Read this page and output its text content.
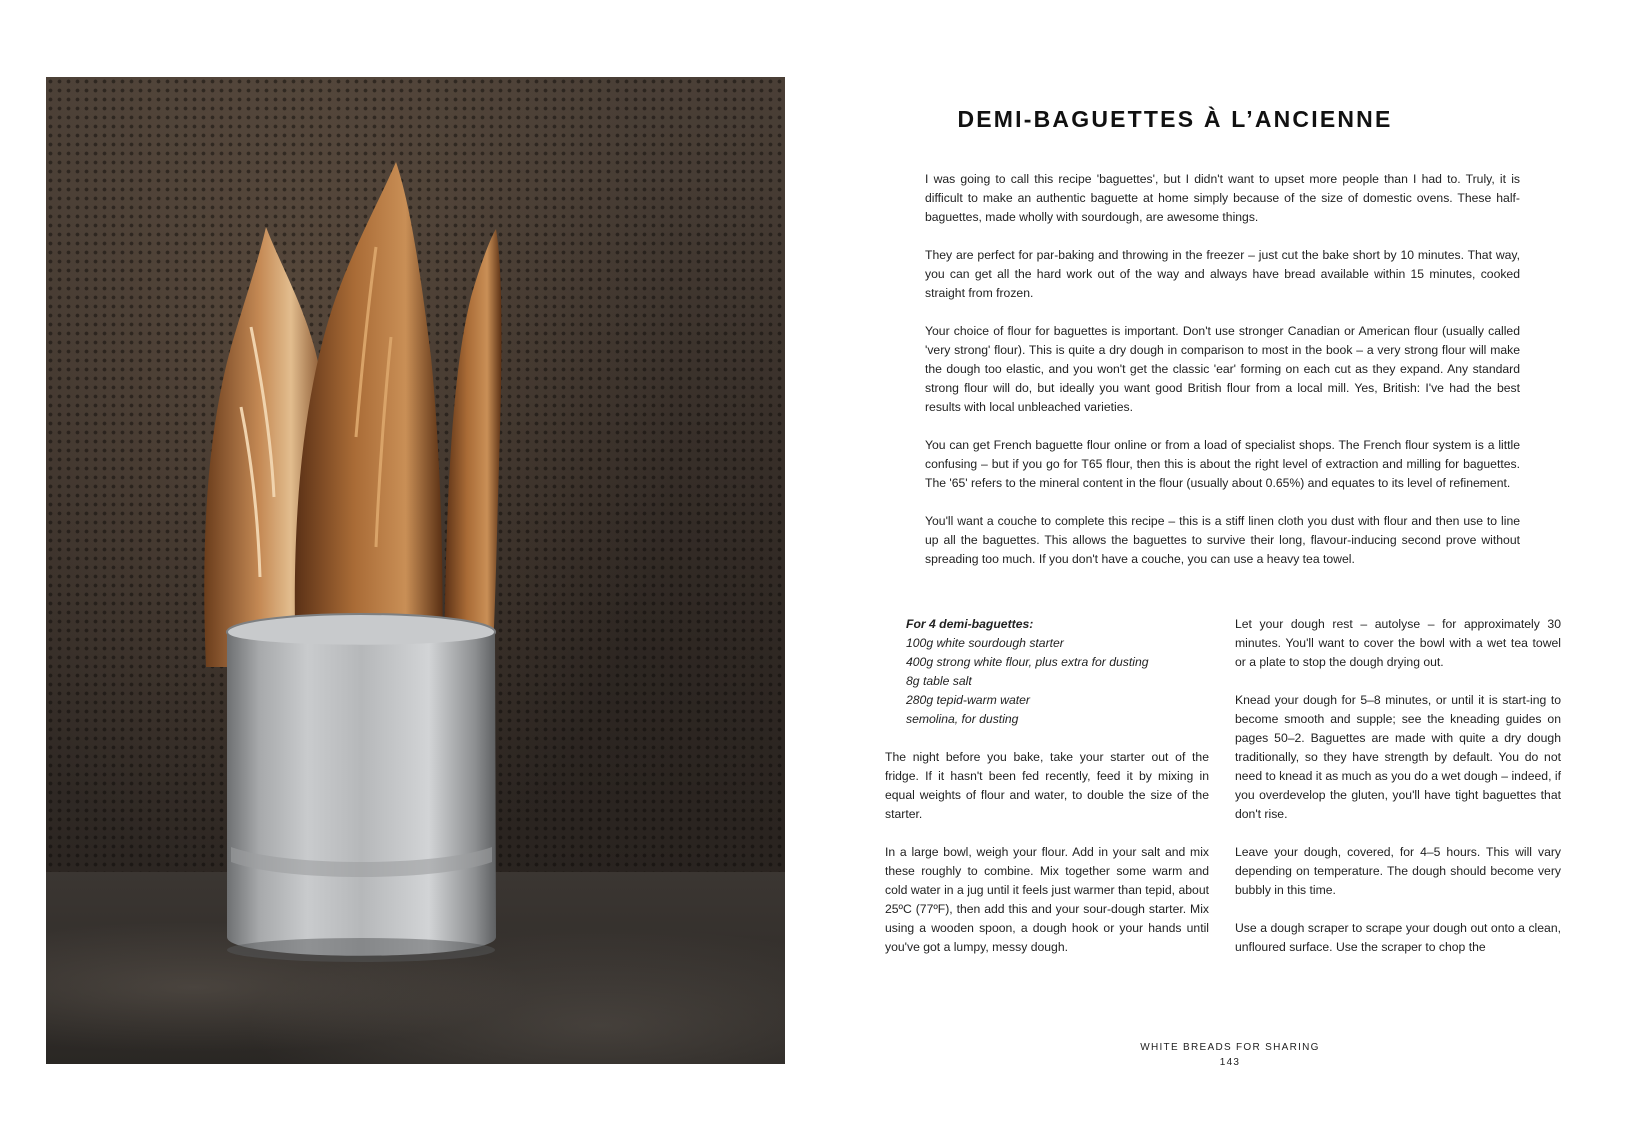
DEMI-BAGUETTES À L’ANCIENNE

I was going to call this recipe 'baguettes', but I didn't want to upset more people than I had to. Truly, it is difficult to make an authentic baguette at home simply because of the size of domestic ovens. These half-baguettes, made wholly with sourdough, are awesome things.

They are perfect for par-baking and throwing in the freezer – just cut the bake short by 10 minutes. That way, you can get all the hard work out of the way and always have bread available within 15 minutes, cooked straight from frozen.

Your choice of flour for baguettes is important. Don't use stronger Canadian or American flour (usually called 'very strong' flour). This is quite a dry dough in comparison to most in the book – a very strong flour will make the dough too elastic, and you won't get the classic 'ear' forming on each cut as they expand. Any standard strong flour will do, but ideally you want good British flour from a local mill. Yes, British: I've had the best results with local unbleached varieties.

You can get French baguette flour online or from a load of specialist shops. The French flour system is a little confusing – but if you go for T65 flour, then this is about the right level of extraction and milling for baguettes. The '65' refers to the mineral content in the flour (usually about 0.65%) and equates to its level of refinement.

You'll want a couche to complete this recipe – this is a stiff linen cloth you dust with flour and then use to line up all the baguettes. This allows the baguettes to survive their long, flavour-inducing second prove without spreading too much. If you don't have a couche, you can use a heavy tea towel.

For 4 demi-baguettes:
100g white sourdough starter
400g strong white flour, plus extra for dusting
8g table salt
280g tepid-warm water
semolina, for dusting

The night before you bake, take your starter out of the fridge. If it hasn't been fed recently, feed it by mixing in equal weights of flour and water, to double the size of the starter.

In a large bowl, weigh your flour. Add in your salt and mix these roughly to combine. Mix together some warm and cold water in a jug until it feels just warmer than tepid, about 25ºC (77ºF), then add this and your sour-dough starter. Mix using a wooden spoon, a dough hook or your hands until you've got a lumpy, messy dough.

Let your dough rest – autolyse – for approximately 30 minutes. You'll want to cover the bowl with a wet tea towel or a plate to stop the dough drying out.

Knead your dough for 5–8 minutes, or until it is start-ing to become smooth and supple; see the kneading guides on pages 50–2. Baguettes are made with quite a dry dough traditionally, so they have strength by default. You do not need to knead it as much as you do a wet dough – indeed, if you overdevelop the gluten, you'll have tight baguettes that don't rise.

Leave your dough, covered, for 4–5 hours. This will vary depending on temperature. The dough should become very bubbly in this time.

Use a dough scraper to scrape your dough out onto a clean, unfloured surface. Use the scraper to chop the

WHITE BREADS FOR SHARING
143
